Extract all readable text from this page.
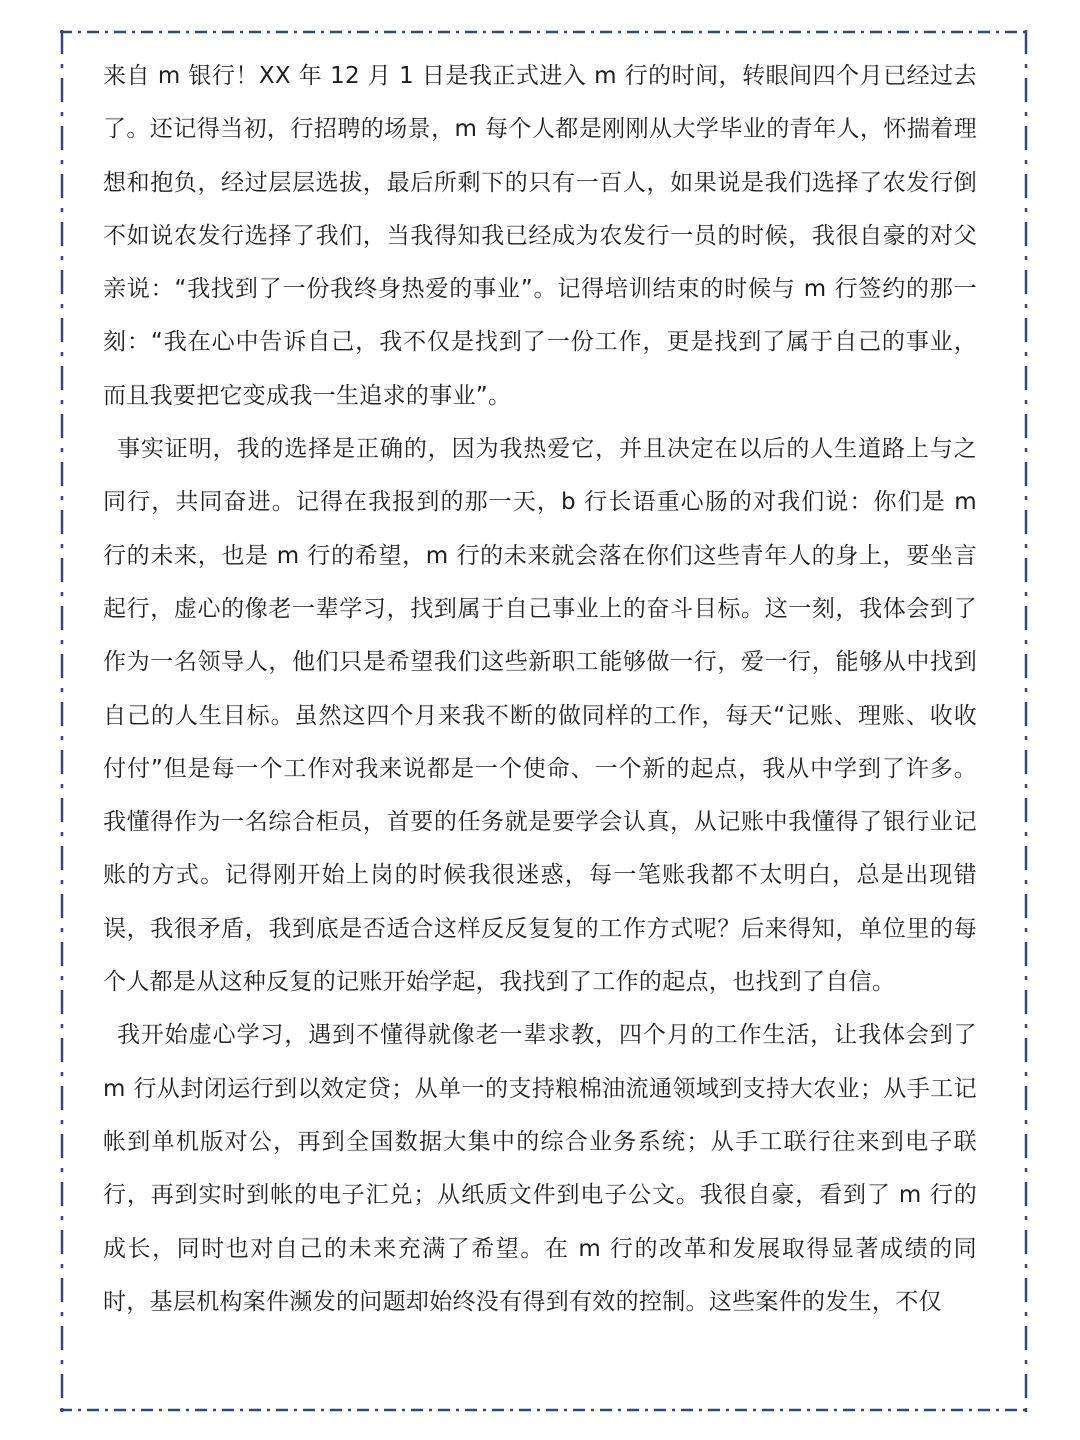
来自 m 银行！XX 年 12 月 1 日是我正式进入 m 行的时间，转眼间四个月已经过去了。还记得当初，行招聘的场景，m 每个人都是刚刚从大学毕业的青年人，怀揣着理想和抱负，经过层层选拔，最后所剩下的只有一百人，如果说是我们选择了农发行倒不如说农发行选择了我们，当我得知我已经成为农发行一员的时候，我很自豪的对父亲说：“我找到了一份我终身热爱的事业”。记得培训结束的时候与 m 行签约的那一刻：“我在心中告诉自己，我不仅是找到了一份工作，更是找到了属于自己的事业，而且我要把它变成我一生追求的事业”。

事实证明，我的选择是正确的，因为我热爱它，并且决定在以后的人生道路上与之同行，共同奋进。记得在我报到的那一天，b 行长语重心肠的对我们说：你们是 m 行的未来，也是 m 行的希望，m 行的未来就会落在你们这些青年人的身上，要坐言起行，虚心的像老一辈学习，找到属于自己事业上的奋斗目标。这一刻，我体会到了作为一名领导人，他们只是希望我们这些新职工能够做一行，爱一行，能够从中找到自己的人生目标。虽然这四个月来我不断的做同样的工作，每天“记账、理账、收收付付”但是每一个工作对我来说都是一个使命、一个新的起点，我从中学到了许多。我懂得作为一名综合柜员，首要的任务就是要学会认真，从记账中我懂得了银行业记账的方式。记得刚开始上岗的时候我很迷惑，每一笔账我都不太明白，总是出现错误，我很矛盾，我到底是否适合这样反反复复的工作方式呢？后来得知，单位里的每个人都是从这种反复的记账开始学起，我找到了工作的起点，也找到了自信。

我开始虚心学习，遇到不懂得就像老一辈求教，四个月的工作生活，让我体会到了 m 行从封闭运行到以效定贷；从单一的支持粮棉油流通领域到支持大农业；从手工记帐到单机版对公，再到全国数据大集中的综合业务系统；从手工联行往来到电子联行，再到实时到帐的电子汇兑；从纸质文件到电子公文。我很自豪，看到了 m 行的成长，同时也对自己的未来充满了希望。在 m 行的改革和发展取得显著成绩的同时，基层机构案件濒发的问题却始终没有得到有效的控制。这些案件的发生，不仅
